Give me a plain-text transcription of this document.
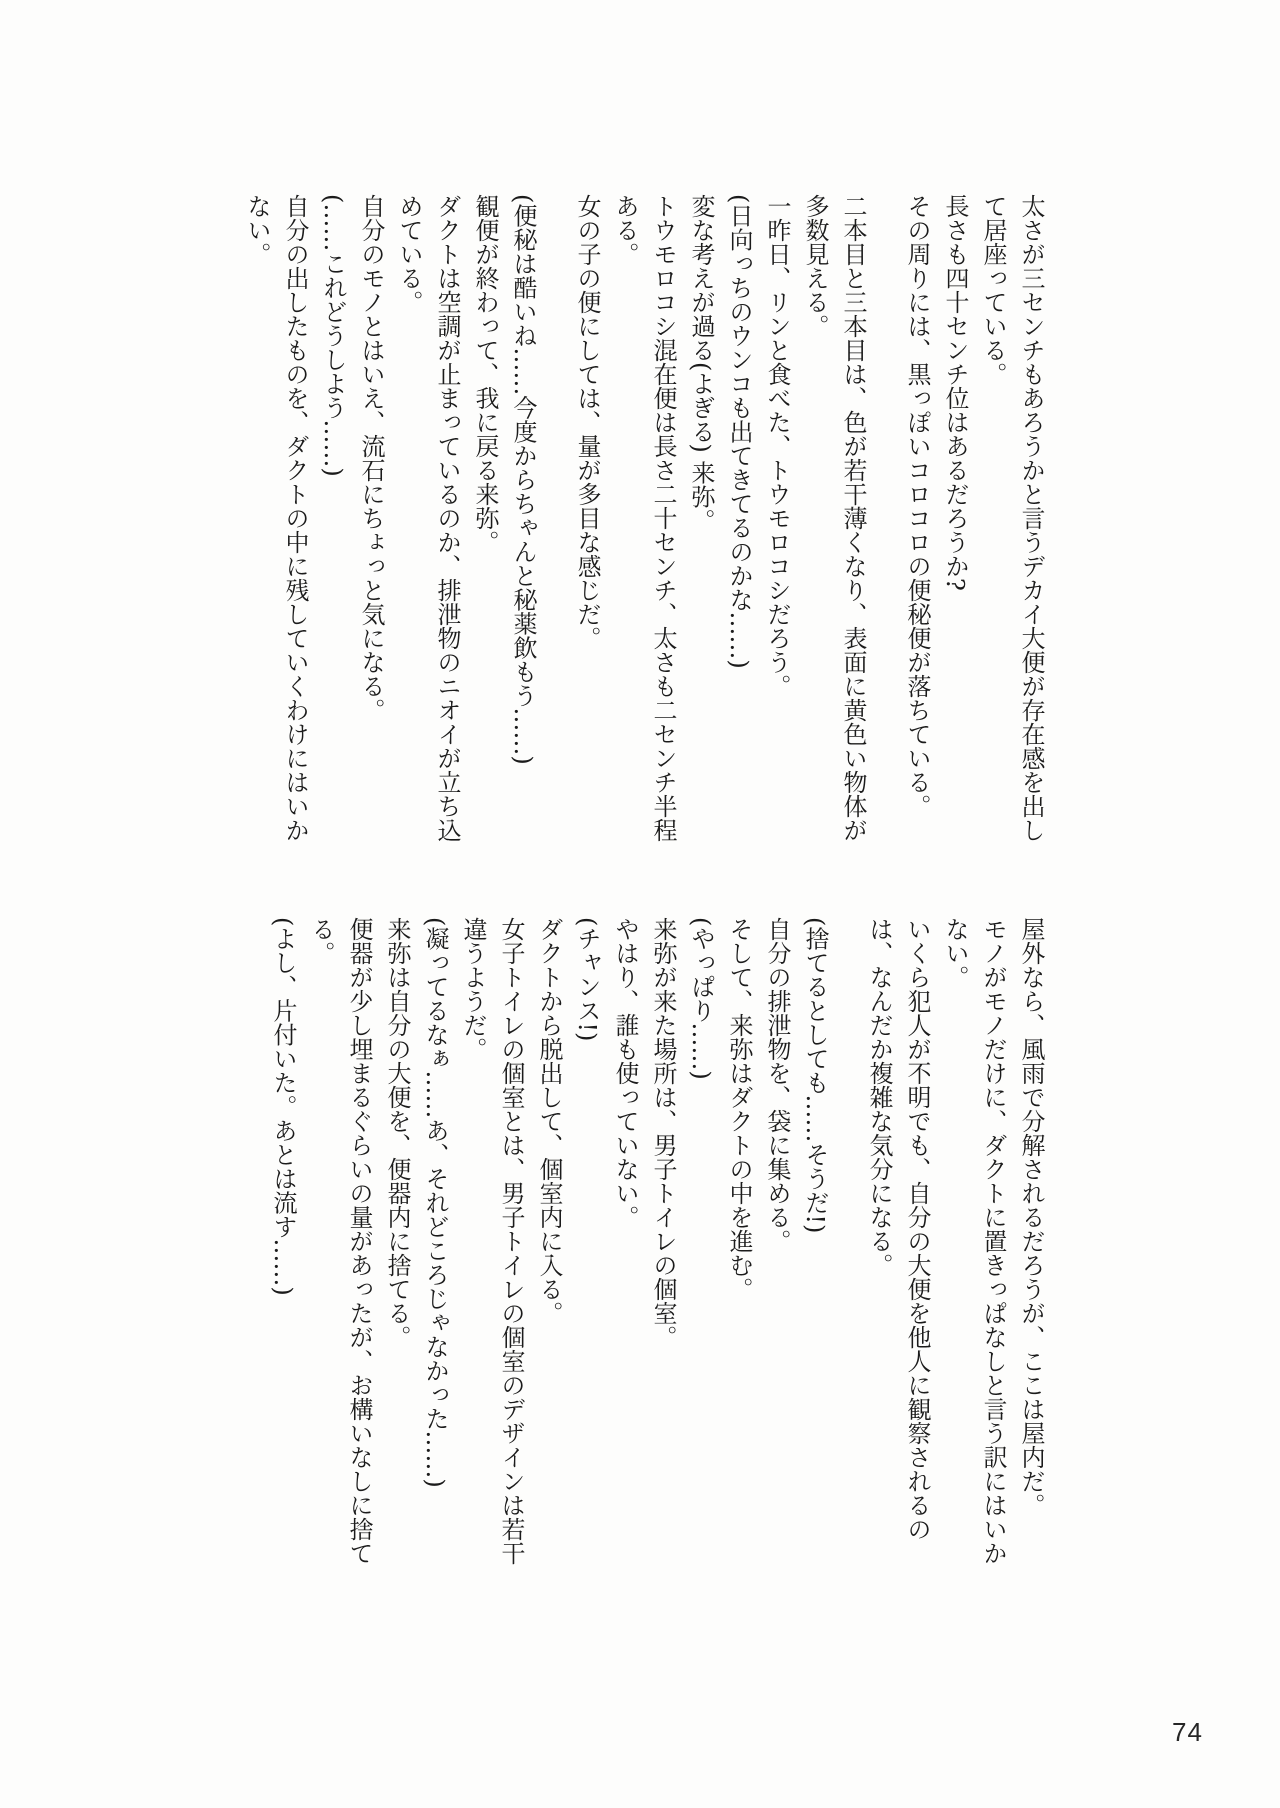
太さが三センチもあろうかと言うデカイ大便が存在感を出して居座っている。

長さも四十センチ位はあるだろうか?

その周りには、黒っぽいコロコロの便秘便が落ちている。

二本目と三本目は、色が若干薄くなり、表面に黄色い物体が多数見える。

一昨日、リンと食べた、トウモロコシだろう。

(日向っちのウンコも出てきてるのかな……)

変な考えが過る(よぎる) 来弥。

トウモロコシ混在便は長さ二十センチ、太さも二センチ半程ある。

女の子の便にしては、量が多目な感じだ。

(便秘は酷いね……今度からちゃんと秘薬飲もう……)

観便が終わって、我に戻る来弥。

ダクトは空調が止まっているのか、排泄物のニオイが立ち込めている。

自分のモノとはいえ、流石にちょっと気になる。

(……これどうしよう……)

自分の出したものを、ダクトの中に残していくわけにはいかない。

屋外なら、風雨で分解されるだろうが、ここは屋内だ。

モノがモノだけに、ダクトに置きっぱなしと言う訳にはいかない。

いくら犯人が不明でも、自分の大便を他人に観察されるのは、なんだか複雑な気分になる。

(捨てるとしても……そうだ!)

自分の排泄物を、袋に集める。

そして、来弥はダクトの中を進む。

(やっぱり……)

来弥が来た場所は、男子トイレの個室。

やはり、誰も使っていない。

(チャンス!)

ダクトから脱出して、個室内に入る。

女子トイレの個室とは、男子トイレの個室のデザインは若干違うようだ。

(凝ってるなぁ……あ、それどころじゃなかった……)

来弥は自分の大便を、便器内に捨てる。

便器が少し埋まるぐらいの量があったが、お構いなしに捨てる。

(よし、片付いた。あとは流す……)

74
